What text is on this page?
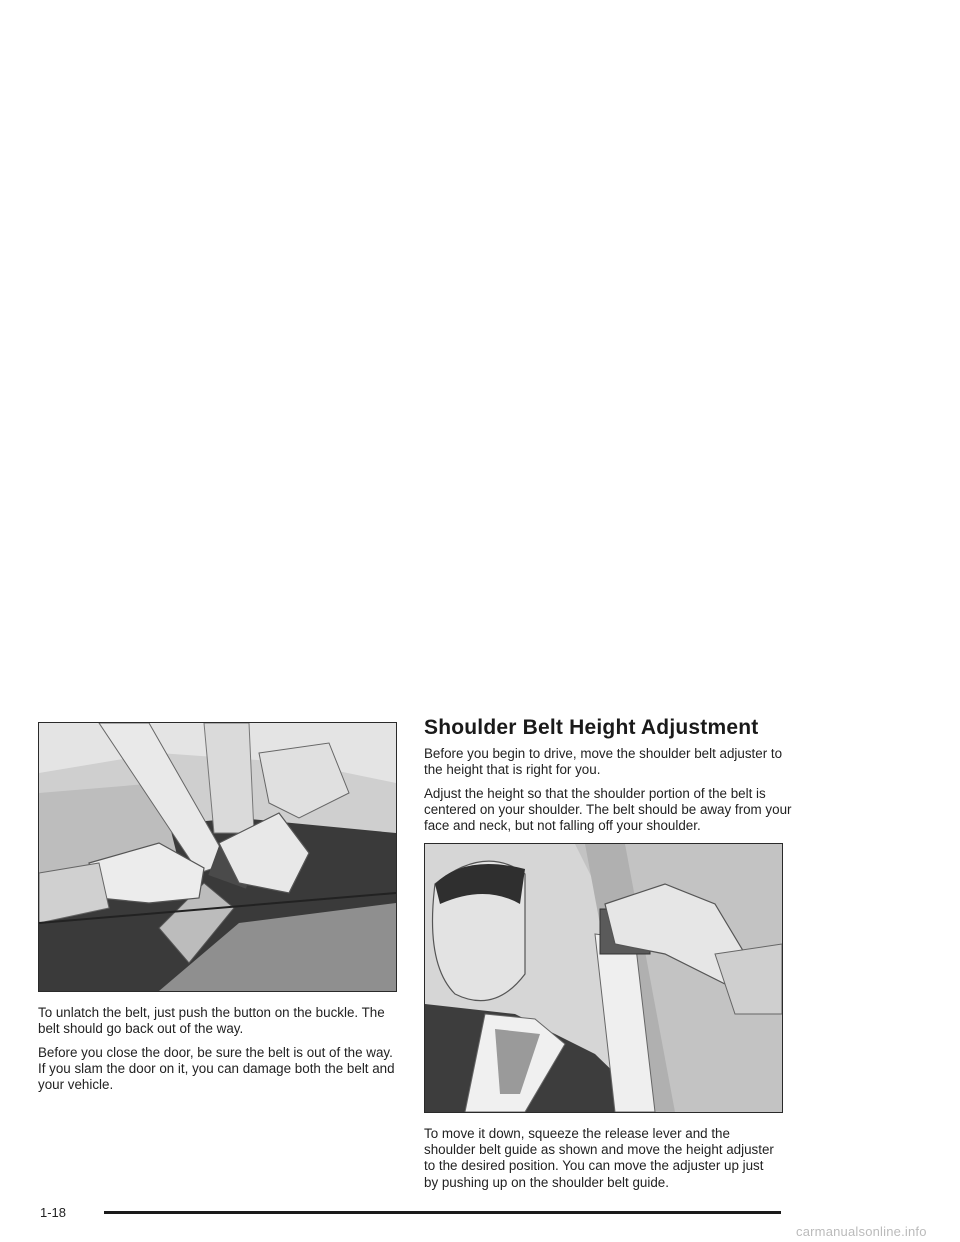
To unlatch the belt, just push the button on the buckle. The belt should go back out of the way.

Before you close the door, be sure the belt is out of the way. If you slam the door on it, you can damage both the belt and your vehicle.

Shoulder Belt Height Adjustment

Before you begin to drive, move the shoulder belt adjuster to the height that is right for you.

Adjust the height so that the shoulder portion of the belt is centered on your shoulder. The belt should be away from your face and neck, but not falling off your shoulder.

To move it down, squeeze the release lever and the shoulder belt guide as shown and move the height adjuster to the desired position. You can move the adjuster up just by pushing up on the shoulder belt guide.

1-18
carmanualsonline.info
